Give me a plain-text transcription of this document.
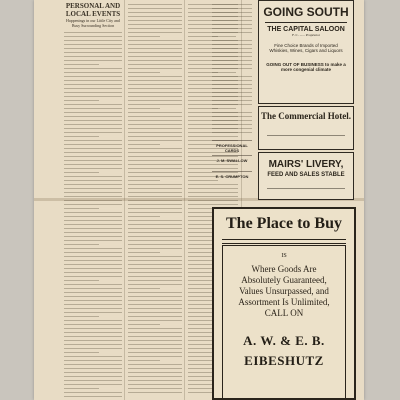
PERSONAL AND LOCAL EVENTS
Happenings in our Little City and Busy Surrounding Section
PROFESSIONAL CARDS
J. M. SWALLOW
E. S. CRUMPTON
GOING SOUTH
THE CAPITAL SALOON
F. C. ...... Proprietor
Fine Choice Brands of Imported Whiskies, Wines, Cigars and Liquors
GOING OUT OF BUSINESS to make a more congenial climate
The Commercial Hotel.
MAIRS' LIVERY,
FEED AND SALES STABLE
The Place to Buy
IS
Where Goods Are Absolutely Guaranteed, Values Unsurpassed, and Assortment Is Unlimited, CALL ON
A. W. & E. B.
EIBESHUTZ
